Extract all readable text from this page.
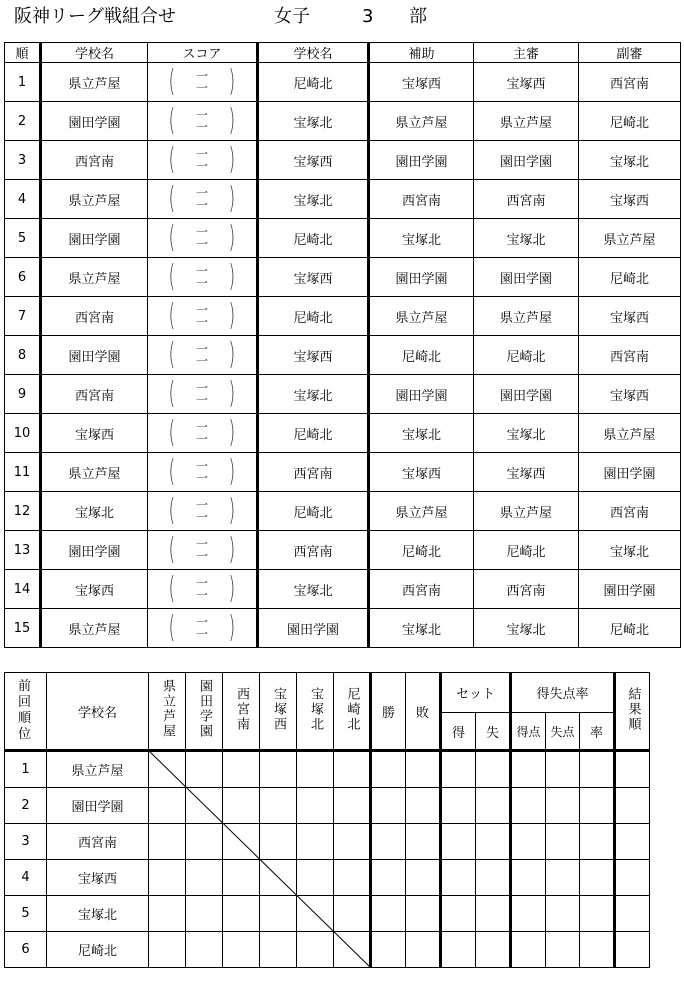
阪神リーグ戦組合せ	女子	3 部
順	学校名	スコア	学校名	補助	主審	副審
1	県立芦屋	( 一
一 )	尼崎北	宝塚西	宝塚西	西宮南
2	園田学園	( 一
一 )	宝塚北	県立芦屋	県立芦屋	尼崎北
3	西宮南	( 一
一 )	宝塚西	園田学園	園田学園	宝塚北
4	県立芦屋	( 一
一 )	宝塚北	西宮南	西宮南	宝塚西
5	園田学園	( 一
一 )	尼崎北	宝塚北	宝塚北	県立芦屋
6	県立芦屋	( 一
一 )	宝塚西	園田学園	園田学園	尼崎北
7	西宮南	( 一
一 )	尼崎北	県立芦屋	県立芦屋	宝塚西
8	園田学園	( 一
一 )	宝塚西	尼崎北	尼崎北	西宮南
9	西宮南	( 一
一 )	宝塚北	園田学園	園田学園	宝塚西
10	宝塚西	( 一
一 )	尼崎北	宝塚北	宝塚北	県立芦屋
11	県立芦屋	( 一
一 )	西宮南	宝塚西	宝塚西	園田学園
12	宝塚北	( 一
一 )	尼崎北	県立芦屋	県立芦屋	西宮南
13	園田学園	( 一
一 )	西宮南	尼崎北	尼崎北	宝塚北
14	宝塚西	( 一
一 )	宝塚北	西宮南	西宮南	園田学園
15	県立芦屋	( 一
一 )	園田学園	宝塚北	宝塚北	尼崎北
前回順位	学校名	県立芦屋	園田学園	西宮南	宝塚西	宝塚北	尼崎北	勝	敗	セット		得失点率			結果順
										得	失	得点	失点	率	
1	県立芦屋														
2	園田学園														
3	西宮南														
4	宝塚西														
5	宝塚北														
6	尼崎北														
